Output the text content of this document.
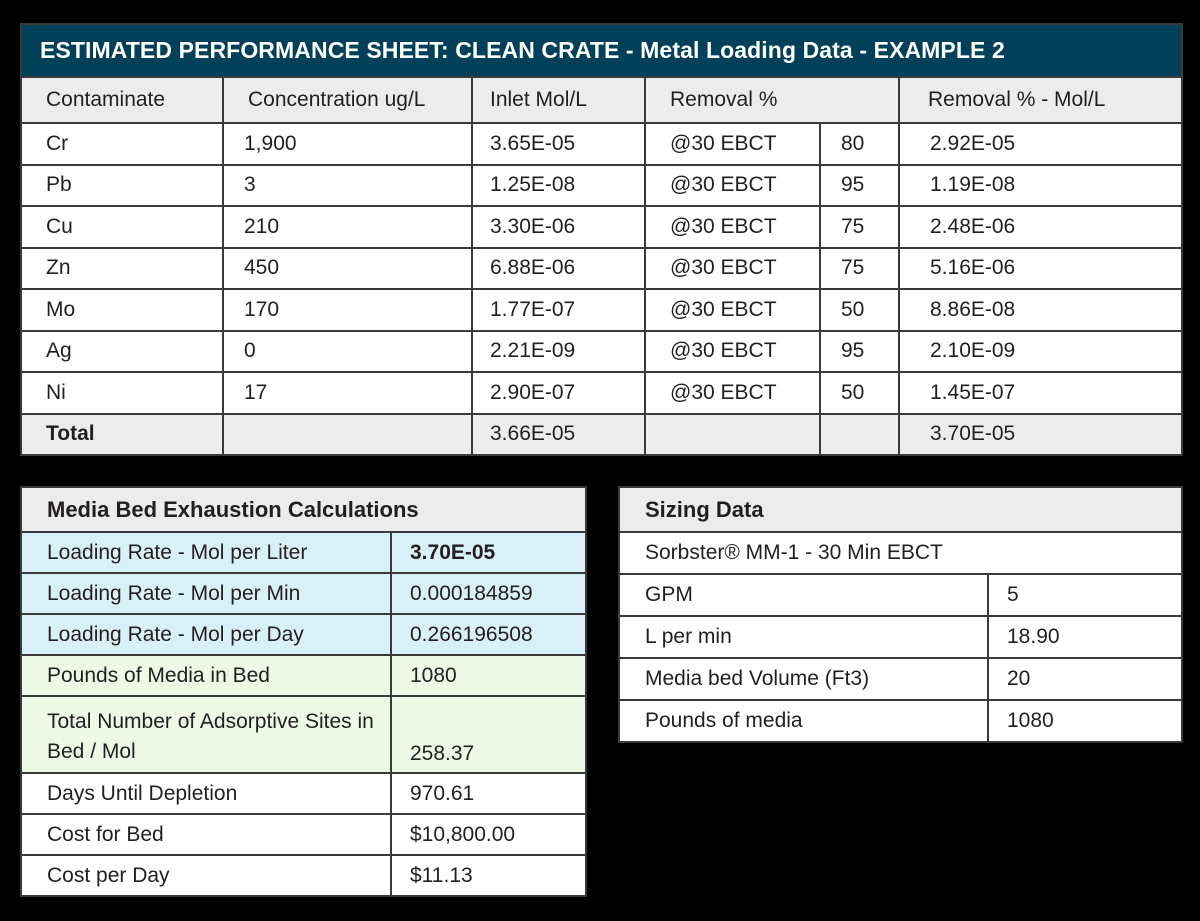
ESTIMATED PERFORMANCE SHEET: CLEAN CRATE - Metal Loading Data - EXAMPLE 2					
Contaminate	Concentration ug/L	Inlet Mol/L	Removal %		Removal % - Mol/L
Cr	1,900	3.65E-05	@30 EBCT	80	2.92E-05
Pb	3	1.25E-08	@30 EBCT	95	1.19E-08
Cu	210	3.30E-06	@30 EBCT	75	2.48E-06
Zn	450	6.88E-06	@30 EBCT	75	5.16E-06
Mo	170	1.77E-07	@30 EBCT	50	8.86E-08
Ag	0	2.21E-09	@30 EBCT	95	2.10E-09
Ni	17	2.90E-07	@30 EBCT	50	1.45E-07
Total		3.66E-05			3.70E-05
Media Bed Exhaustion Calculations	
Loading Rate - Mol per Liter	3.70E-05
Loading Rate - Mol per Min	0.000184859
Loading Rate - Mol per Day	0.266196508
Pounds of Media in Bed	1080
Total Number of Adsorptive Sites in Bed / Mol	258.37
Days Until Depletion	970.61
Cost for Bed	$10,800.00
Cost per Day	$11.13
Sizing Data	
Sorbster® MM-1 - 30 Min EBCT	
GPM	5
L per min	18.90
Media bed Volume (Ft3)	20
Pounds of media	1080
